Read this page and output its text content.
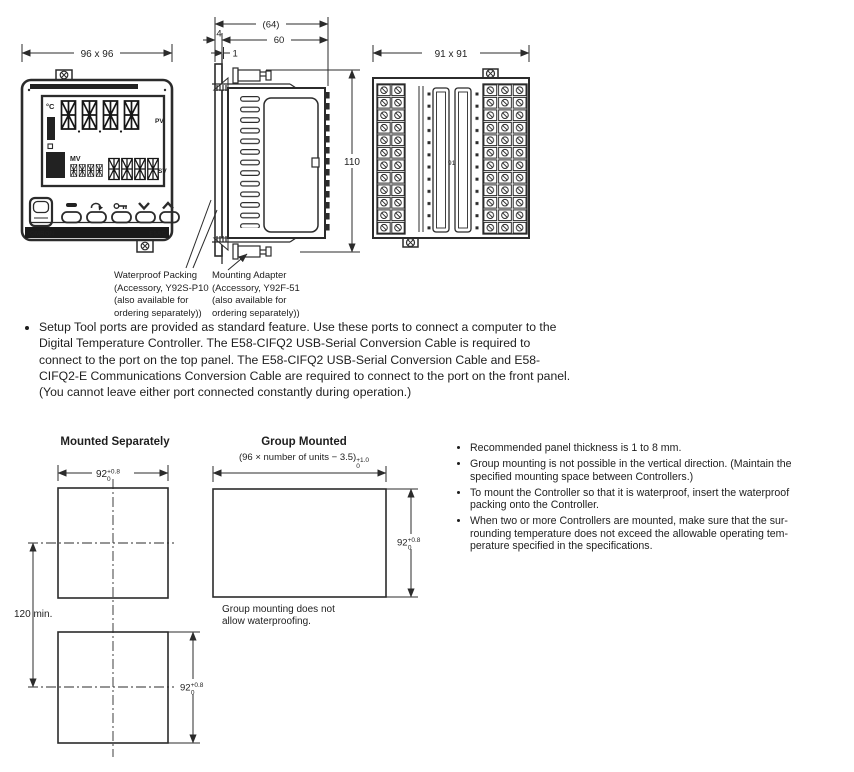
96 x 96
°C
PV
MV
SV
OMRON	E5AC
(64)
60
4
1
110
91 x 91
91
$92^{+0.8}$ 0
120 min.
$92^{+0.8}$ 0
$92^{+0.8}$ 0
Waterproof Packing
(Accessory, Y92S-P10
(also available for
ordering separately))
Mounting Adapter
(Accessory, Y92F-51
(also available for
ordering separately))
• Setup Tool ports are provided as standard feature. Use these ports to connect a computer to the
Digital Temperature Controller. The E58-CIFQ2 USB-Serial Conversion Cable is required to
connect to the port on the top panel. The E58-CIFQ2 USB-Serial Conversion Cable and E58-
CIFQ2-E Communications Conversion Cable are required to connect to the port on the front panel.
(You cannot leave either port connected constantly during operation.)
Mounted Separately	Group Mounted
(96 × number of units − 3.5) +1.0
0
Group mounting does not
allow waterproofing.
• Recommended panel thickness is 1 to 8 mm.
• Group mounting is not possible in the vertical direction. (Maintain the
specified mounting space between Controllers.)
• To mount the Controller so that it is waterproof, insert the waterproof
packing onto the Controller.
• When two or more Controllers are mounted, make sure that the sur-
rounding temperature does not exceed the allowable operating tem-
perature specified in the specifications.
